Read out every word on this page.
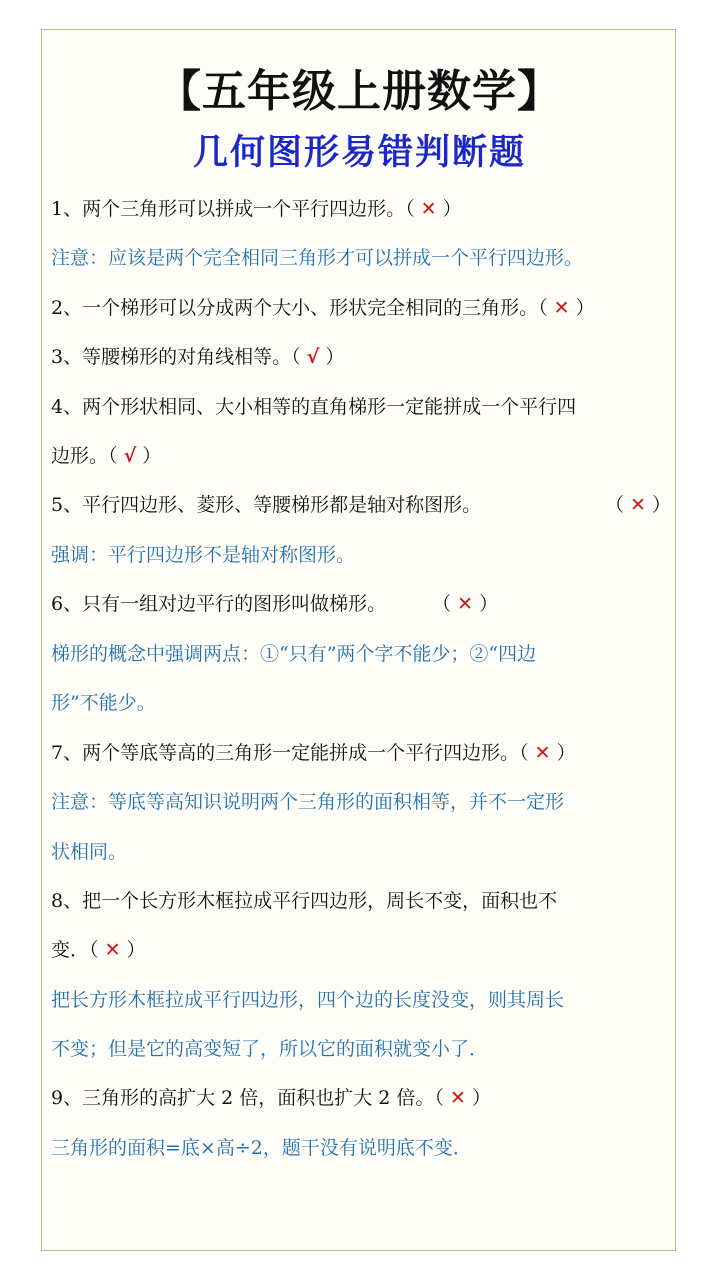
【五年级上册数学】
几何图形易错判断题
1、两个三角形可以拼成一个平行四边形。（ ✕ ）
注意：应该是两个完全相同三角形才可以拼成一个平行四边形。
2、一个梯形可以分成两个大小、形状完全相同的三角形。（ ✕ ）
3、等腰梯形的对角线相等。（ √ ）
4、两个形状相同、大小相等的直角梯形一定能拼成一个平行四
边形。（ √ ）
5、平行四边形、菱形、等腰梯形都是轴对称图形。	（ ✕ ）
强调：平行四边形不是轴对称图形。
6、只有一组对边平行的图形叫做梯形。 （ ✕ ）
梯形的概念中强调两点：①“只有”两个字不能少；②“四边
形”不能少。
7、两个等底等高的三角形一定能拼成一个平行四边形。（ ✕ ）
注意：等底等高知识说明两个三角形的面积相等，并不一定形
状相同。
8、把一个长方形木框拉成平行四边形，周长不变，面积也不
变．（ ✕ ）
把长方形木框拉成平行四边形，四个边的长度没变，则其周长
不变；但是它的高变短了，所以它的面积就变小了．
9、三角形的高扩大 2 倍，面积也扩大 2 倍。（ ✕ ）
三角形的面积=底×高÷2，题干没有说明底不变．
